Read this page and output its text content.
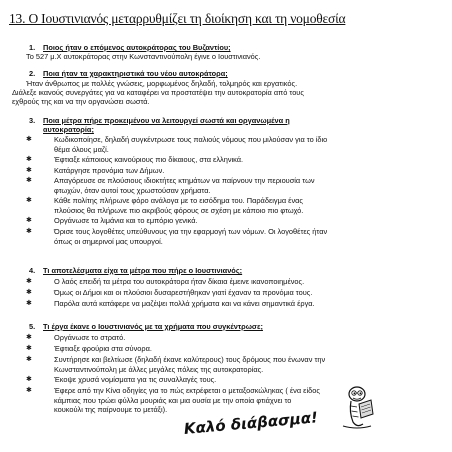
13. Ο Ιουστινιανός μεταρρυθμίζει τη διοίκηση και τη νομοθεσία
1. Ποιος ήταν ο επόμενος αυτοκράτορας του Βυζαντίου;
Το 527 μ.Χ αυτοκράτορας στην Κωνσταντινούπολη έγινε ο Ιουστινιανός.
2. Ποια ήταν τα χαρακτηριστικά του νέου αυτοκράτορα;
Ήταν άνθρωπος με πολλές γνώσεις, μορφωμένος δηλαδή, τολμηρός και εργατικός.
Διάλεξε ικανούς συνεργάτες για να καταφέρει να προστατέψει την αυτοκρατορία από τους
εχθρούς της και να την οργανώσει σωστά.
3. Ποια μέτρα πήρε προκειμένου να λειτουργεί σωστά και οργανωμένα η
αυτοκρατορία;
✱	Κωδικοποίησε, δηλαδή συγκέντρωσε τους παλιούς νόμους που μιλούσαν για το ίδιο
θέμα όλους μαζί.
✱	Έφτιαξε κάποιους καινούριους πιο δίκαιους, στα ελληνικά.
✱	Κατάργησε προνόμια των Δήμων.
✱	Απαγόρευσε σε πλούσιους ιδιοκτήτες κτημάτων να παίρνουν την περιουσία των
φτωχών, όταν αυτοί τους χρωστούσαν χρήματα.
✱	Κάθε πολίτης πλήρωνε φόρο ανάλογα με το εισόδημα του. Παράδειγμα ένας
πλούσιος θα πλήρωνε πιο ακριβούς φόρους σε σχέση με κάποιο πιο φτωχό.
✱	Οργάνωσε τα λιμάνια και το εμπόριο γενικά.
✱	Όρισε τους λογοθέτες υπεύθυνους για την εφαρμογή των νόμων. Οι λογοθέτες ήταν
όπως οι σημερινοί μας υπουργοί.
4. Τι αποτελέσματα είχα τα μέτρα που πήρε ο Ιουστινιανός;
✱	Ο λαός επειδή τα μέτρα του αυτοκράτορα ήταν δίκαια έμεινε ικανοποιημένος.
✱	Όμως οι Δήμοι και οι πλούσιοι δυσαρεστήθηκαν γιατί έχαναν τα προνόμια τους.
✱	Παρόλα αυτά κατάφερε να μαζέψει πολλά χρήματα και να κάνει σημαντικά έργα.
5. Τι έργα έκανε ο Ιουστινιανός με τα χρήματα που συγκέντρωσε;
✱	Οργάνωσε το στρατό.
✱	Έφτιαξε φρούρια στα σύνορα.
✱	Συντήρησε και βελτίωσε (δηλαδή έκανε καλύτερους) τους δρόμους που ένωναν την
Κωνσταντινούπολη με άλλες μεγάλες πόλεις της αυτοκρατορίας.
✱	Έκοψε χρυσά νομίσματα για τις συναλλαγές τους.
✱	Έφερε από την Κίνα οδηγίες για το πώς εκτρέφεται ο μεταξοσκώληκας ( ένα είδος
κάμπιας που τρώει φύλλα μουριάς και μια ουσία με την οποία φτιάχνει το
κουκούλι της παίρνουμε το μετάξι). Καλό διάβασμα!
